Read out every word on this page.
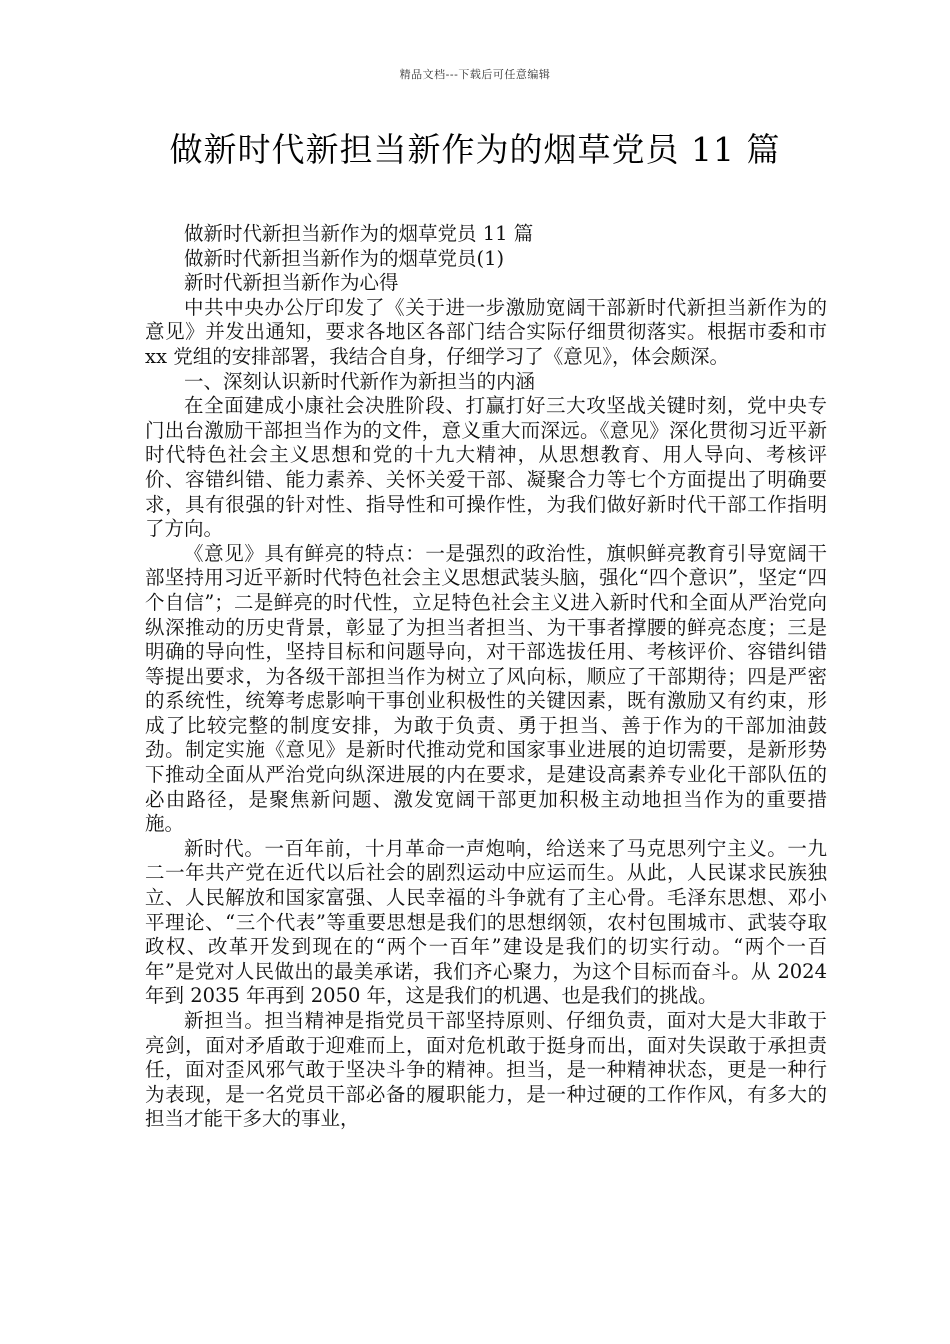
精品文档---下载后可任意编辑
做新时代新担当新作为的烟草党员 11 篇

做新时代新担当新作为的烟草党员 11 篇

做新时代新担当新作为的烟草党员(1)

新时代新担当新作为心得

中共中央办公厅印发了《关于进一步激励宽阔干部新时代新担当新作为的意见》并发出通知，要求各地区各部门结合实际仔细贯彻落实。根据市委和市 xx 党组的安排部署，我结合自身，仔细学习了《意见》，体会颇深。

一、深刻认识新时代新作为新担当的内涵

在全面建成小康社会决胜阶段、打赢打好三大攻坚战关键时刻，党中央专门出台激励干部担当作为的文件，意义重大而深远。《意见》深化贯彻习近平新时代特色社会主义思想和党的十九大精神，从思想教育、用人导向、考核评价、容错纠错、能力素养、关怀关爱干部、凝聚合力等七个方面提出了明确要求，具有很强的针对性、指导性和可操作性，为我们做好新时代干部工作指明了方向。

《意见》具有鲜亮的特点：一是强烈的政治性，旗帜鲜亮教育引导宽阔干部坚持用习近平新时代特色社会主义思想武装头脑，强化“四个意识”，坚定“四个自信”；二是鲜亮的时代性，立足特色社会主义进入新时代和全面从严治党向纵深推动的历史背景，彰显了为担当者担当、为干事者撑腰的鲜亮态度；三是明确的导向性，坚持目标和问题导向，对干部选拔任用、考核评价、容错纠错等提出要求，为各级干部担当作为树立了风向标，顺应了干部期待；四是严密的系统性，统筹考虑影响干事创业积极性的关键因素，既有激励又有约束，形成了比较完整的制度安排，为敢于负责、勇于担当、善于作为的干部加油鼓劲。制定实施《意见》是新时代推动党和国家事业进展的迫切需要，是新形势下推动全面从严治党向纵深进展的内在要求，是建设高素养专业化干部队伍的必由路径，是聚焦新问题、激发宽阔干部更加积极主动地担当作为的重要措施。

新时代。一百年前，十月革命一声炮响，给送来了马克思列宁主义。一九二一年共产党在近代以后社会的剧烈运动中应运而生。从此，人民谋求民族独立、人民解放和国家富强、人民幸福的斗争就有了主心骨。毛泽东思想、邓小平理论、“三个代表”等重要思想是我们的思想纲领，农村包围城市、武装夺取政权、改革开发到现在的“两个一百年”建设是我们的切实行动。“两个一百年”是党对人民做出的最美承诺，我们齐心聚力，为这个目标而奋斗。从 2024 年到 2035 年再到 2050 年，这是我们的机遇、也是我们的挑战。

新担当。担当精神是指党员干部坚持原则、仔细负责，面对大是大非敢于亮剑，面对矛盾敢于迎难而上，面对危机敢于挺身而出，面对失误敢于承担责任，面对歪风邪气敢于坚决斗争的精神。担当，是一种精神状态，更是一种行为表现，是一名党员干部必备的履职能力，是一种过硬的工作作风，有多大的担当才能干多大的事业，
